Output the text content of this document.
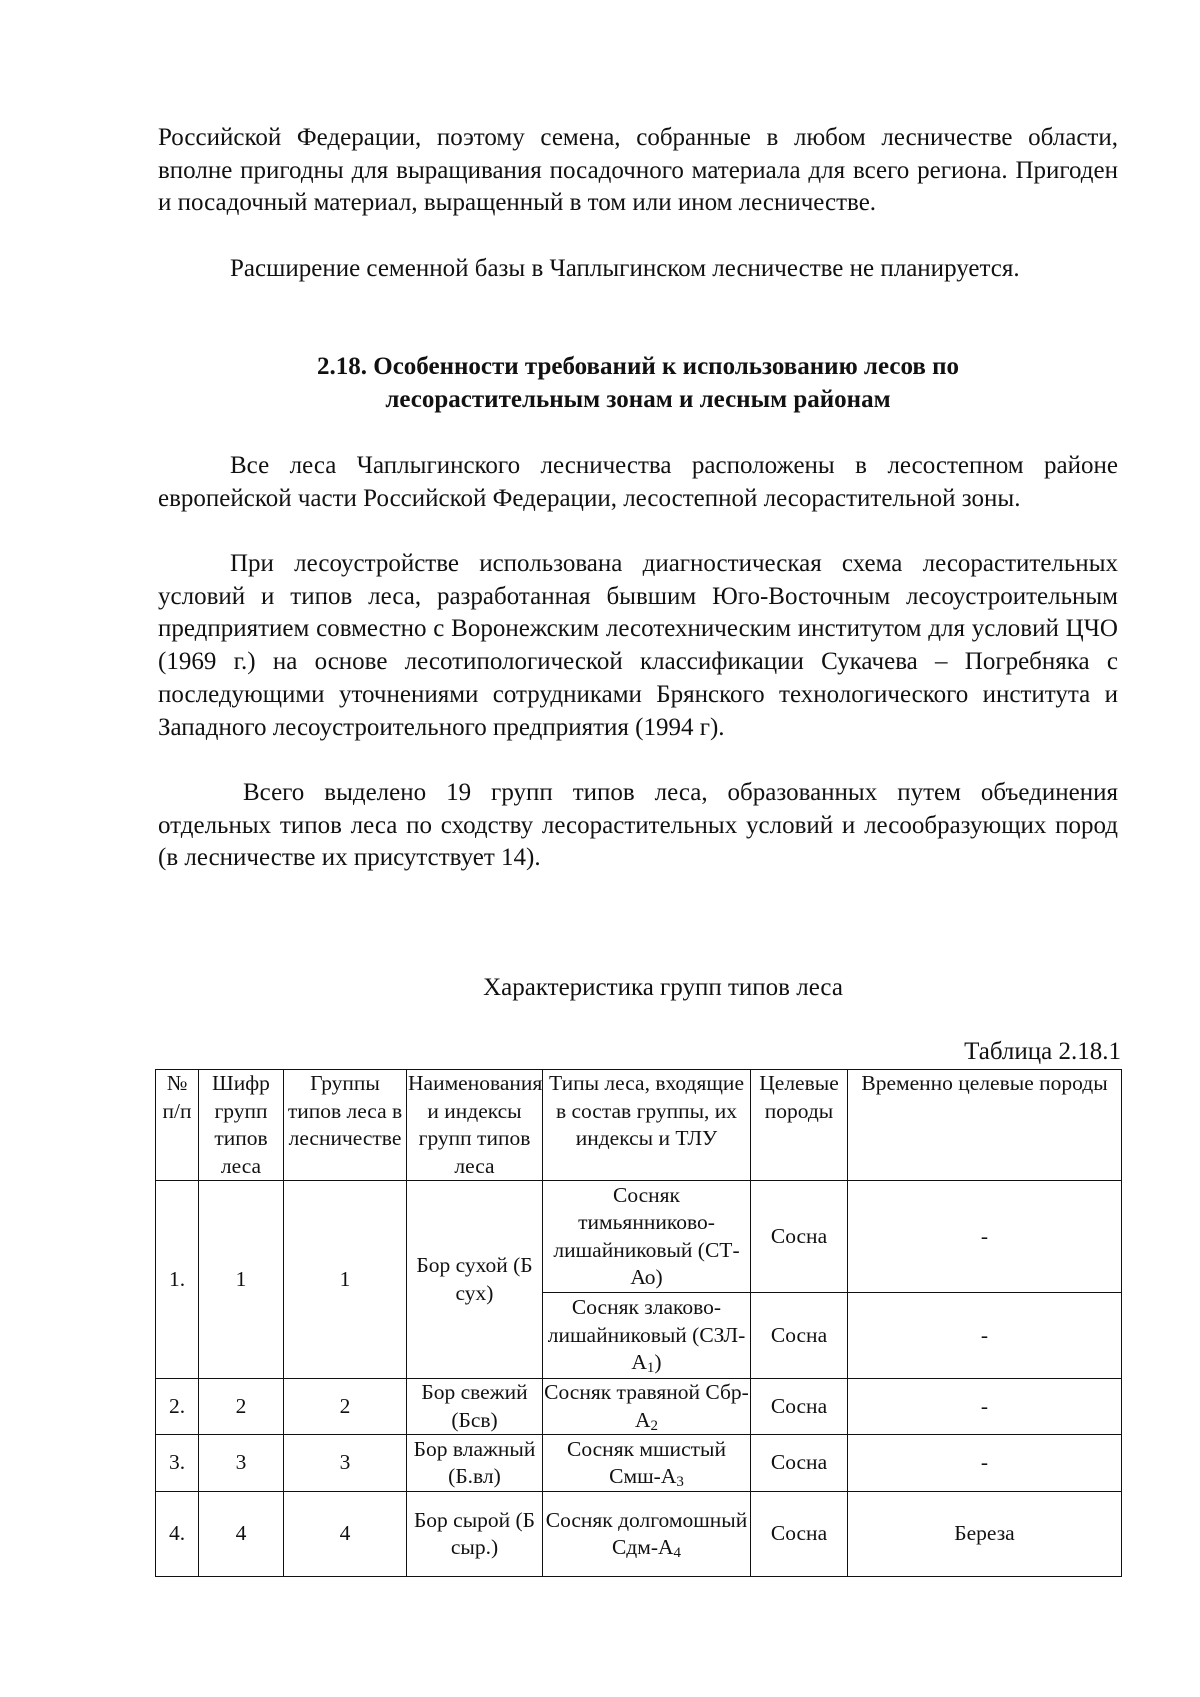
Российской Федерации, поэтому семена, собранные в любом лесничестве области, вполне пригодны для выращивания посадочного материала для всего региона. Пригоден и посадочный материал, выращенный в том или ином лесничестве.

Расширение семенной базы в Чаплыгинском лесничестве не планируется.

2.18. Особенности требований к использованию лесов по
лесорастительным зонам и лесным районам

Все леса Чаплыгинского лесничества расположены в лесостепном районе европейской части Российской Федерации, лесостепной лесорастительной зоны.

При лесоустройстве использована диагностическая схема лесорастительных условий и типов леса, разработанная бывшим Юго-Восточным лесоустроительным предприятием совместно с Воронежским лесотехническим институтом для условий ЦЧО (1969 г.) на основе лесотипологической классификации Сукачева – Погребняка с последующими уточнениями сотрудниками Брянского технологического института и Западного лесоустроительного предприятия (1994 г).

Всего выделено 19 групп типов леса, образованных путем объединения отдельных типов леса по сходству лесорастительных условий и лесообразующих пород (в лесничестве их присутствует 14).

Характеристика групп типов леса

Таблица 2.18.1

№ п/п	Шифр групп типов леса	Группы типов леса в лесничестве	Наименования и индексы групп типов леса	Типы леса, входящие в состав группы, их индексы и ТЛУ	Целевые породы	Временно целевые породы
1.	1	1	Бор сухой (Б сух)	Сосняк тимьянниково-лишайниковый (СТ-Ао)	Сосна	-
				Сосняк злаково-лишайниковый $(СЗЛ-А_1)$	Сосна	-
2.	2	2	Бор свежий (Бсв)	Сосняк травяной Сбр-$А_2$	Сосна	-
3.	3	3	Бор влажный (Б.вл)	Сосняк мшистый Смш-$А_3$	Сосна	-
4.	4	4	Бор сырой (Б сыр.)	Сосняк долгомошный Сдм-$А_4$	Сосна	Береза
